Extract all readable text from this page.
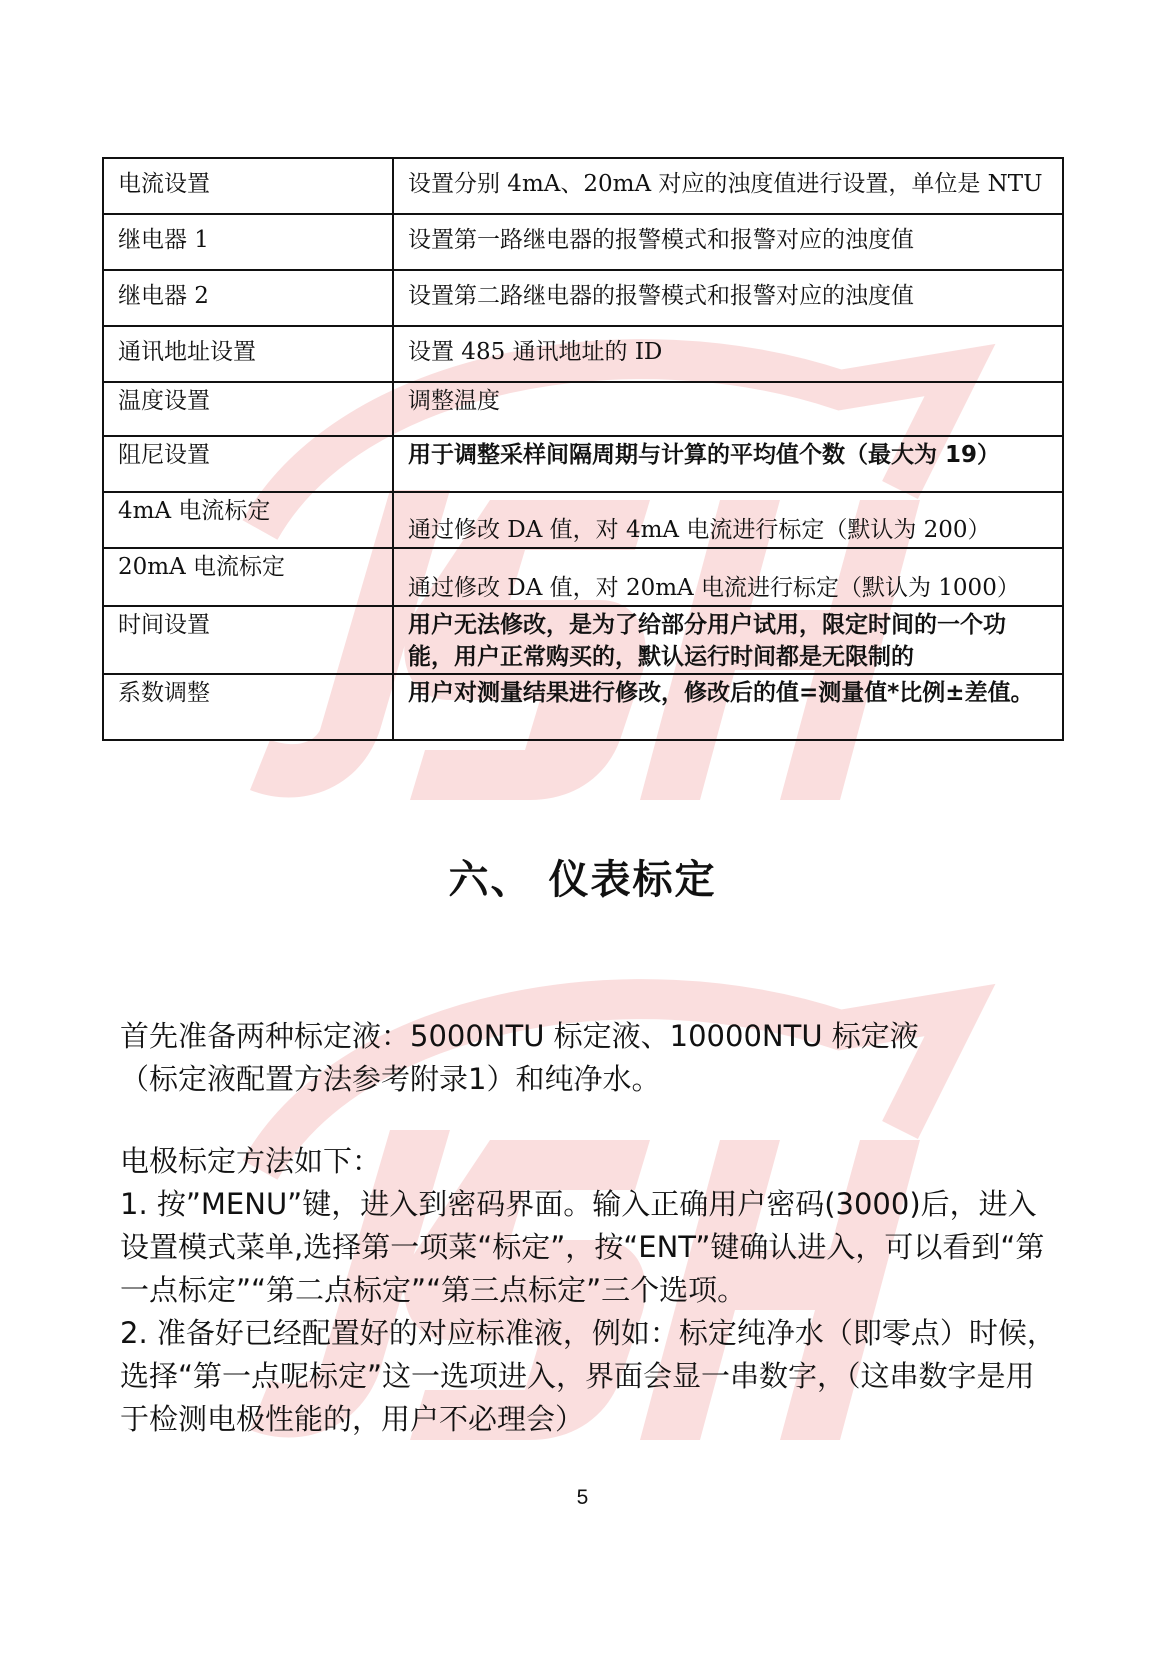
电流设置	设置分别 4mA、20mA 对应的浊度值进行设置，单位是 NTU
继电器 1	设置第一路继电器的报警模式和报警对应的浊度值
继电器 2	设置第二路继电器的报警模式和报警对应的浊度值
通讯地址设置	设置 485 通讯地址的 ID
温度设置	调整温度
阻尼设置	用于调整采样间隔周期与计算的平均值个数（最大为 19）
4mA 电流标定	通过修改 DA 值，对 4mA 电流进行标定（默认为 200）
20mA 电流标定	通过修改 DA 值，对 20mA 电流进行标定（默认为 1000）
时间设置	用户无法修改，是为了给部分用户试用，限定时间的一个功能，用户正常购买的，默认运行时间都是无限制的
系数调整	用户对测量结果进行修改，修改后的值=测量值*比例±差值。
六、 仪表标定

首先准备两种标定液：5000NTU 标定液、10000NTU 标定液

（标定液配置方法参考附录1）和纯净水。

电极标定方法如下：

1. 按”MENU”键，进入到密码界面。输入正确用户密码(3000)后，进入设置模式菜单,选择第一项菜“标定”，按“ENT”键确认进入，可以看到“第一点标定”“第二点标定”“第三点标定”三个选项。

2. 准备好已经配置好的对应标准液，例如：标定纯净水（即零点）时候，选择“第一点呢标定”这一选项进入，界面会显一串数字，（这串数字是用于检测电极性能的，用户不必理会）

5
